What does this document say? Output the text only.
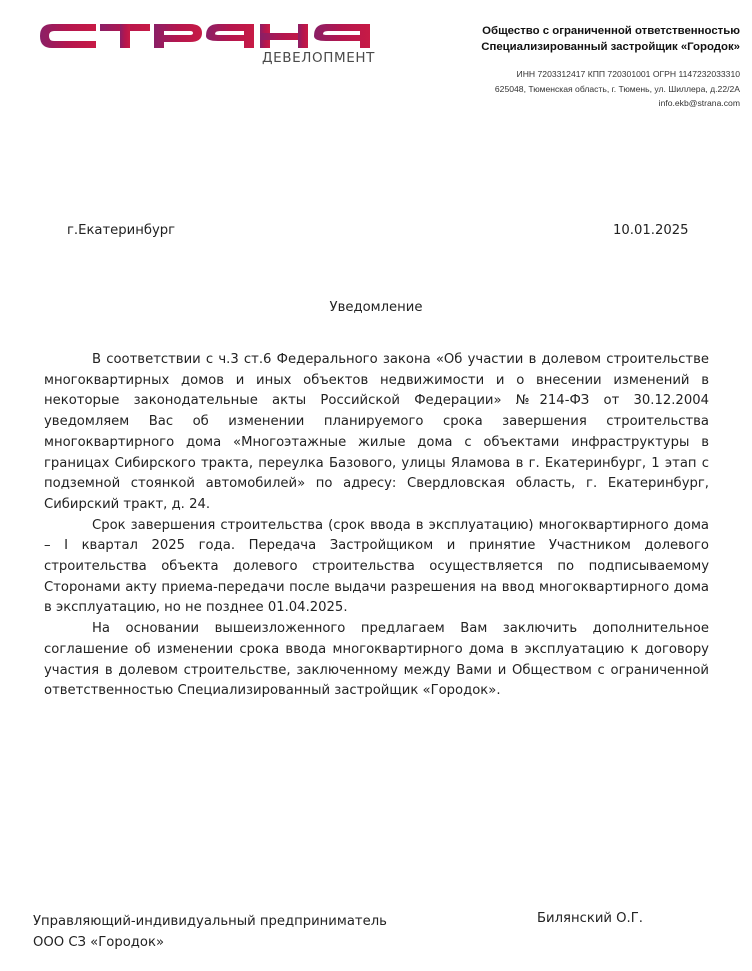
ДЕВЕЛОПМЕНТ
Общество с ограниченной ответственностью
Специализированный застройщик «Городок»
ИНН 7203312417 КПП 720301001 ОГРН 1147232033310
625048, Тюменская область, г. Тюмень, ул. Шиллера, д.22/2А
info.ekb@strana.com
г.Екатеринбург	10.01.2025
Уведомление

В соответствии с ч.3 ст.6 Федерального закона «Об участии в долевом строительстве многоквартирных домов и иных объектов недвижимости и о внесении изменений в некоторые законодательные акты Российской Федерации» №214-ФЗ от 30.12.2004 уведомляем Вас об изменении планируемого срока завершения строительства многоквартирного дома «Многоэтажные жилые дома с объектами инфраструктуры в границах Сибирского тракта, переулка Базового, улицы Яламова в г. Екатеринбург, 1 этап с подземной стоянкой автомобилей» по адресу: Свердловская область, г. Екатеринбург, Сибирский тракт, д. 24.

Срок завершения строительства (срок ввода в эксплуатацию) многоквартирного дома – I квартал 2025 года. Передача Застройщиком и принятие Участником долевого строительства объекта долевого строительства осуществляется по подписываемому Сторонами акту приема-передачи после выдачи разрешения на ввод многоквартирного дома в эксплуатацию, но не позднее 01.04.2025.

На основании вышеизложенного предлагаем Вам заключить дополнительное соглашение об изменении срока ввода многоквартирного дома в эксплуатацию к договору участия в долевом строительстве, заключенному между Вами и Обществом с ограниченной ответственностью Специализированный застройщик «Городок».

Управляющий-индивидуальный предприниматель
ООО СЗ «Городок»
Билянский О.Г.
